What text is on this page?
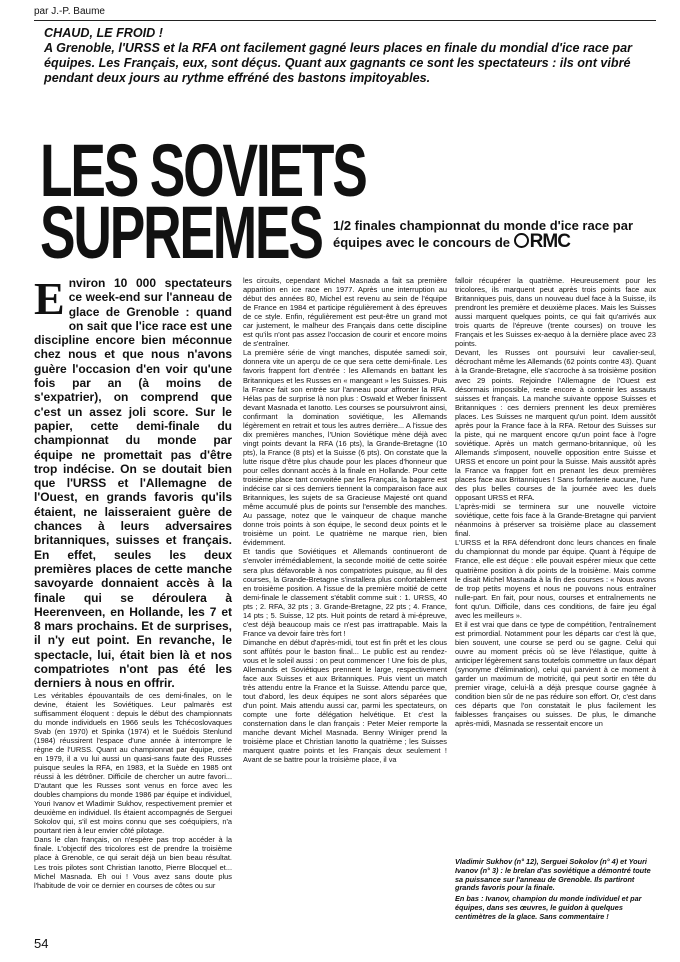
par J.-P. Baume
CHAUD, LE FROID !
A Grenoble, l'URSS et la RFA ont facilement gagné leurs places en finale du mondial d'ice race par équipes. Les Français, eux, sont déçus. Quant aux gagnants ce sont les spectateurs : ils ont vibré pendant deux jours au rythme effréné des bastons impitoyables.
LES SOVIETS
SUPREMES 1/2 finales championnat du monde d'ice race par équipes avec le concours de RMC

Environ 10 000 spectateurs ce week-end sur l'anneau de glace de Grenoble : quand on sait que l'ice race est une discipline encore bien méconnue chez nous et que nous n'avons guère l'occasion d'en voir qu'une fois par an (à moins de s'expatrier), on comprend que c'est un assez joli score. Sur le papier, cette demi-finale du championnat du monde par équipe ne promettait pas d'être trop indécise. On se doutait bien que l'URSS et l'Allemagne de l'Ouest, en grands favoris qu'ils étaient, ne laisseraient guère de chances à leurs adversaires britanniques, suisses et français. En effet, seules les deux premières places de cette manche savoyarde donnaient accès à la finale qui se déroulera à Heerenveen, en Hollande, les 7 et 8 mars prochains. Et de surprises, il n'y eut point. En revanche, le spectacle, lui, était bien là et nos compatriotes n'ont pas été les derniers à nous en offrir.

Les véritables épouvantails de ces demi-finales, on le devine, étaient les Soviétiques. Leur palmarès est suffisamment éloquent : depuis le début des championnats du monde individuels en 1966 seuls les Tchécoslovaques Svab (en 1970) et Spinka (1974) et le Suédois Stenlund (1984) réussirent l'espace d'une année à interrompre le règne de l'URSS. Quant au championnat par équipe, créé en 1979, il a vu lui aussi un quasi-sans faute des Russes puisque seules la RFA, en 1983, et la Suède en 1985 ont réussi à les détrôner. Difficile de chercher un autre favori... D'autant que les Russes sont venus en force avec les doubles champions du monde 1986 par équipe et individuel, Youri Ivanov et Wladimir Sukhov, respectivement premier et deuxième en individuel. Ils étaient accompagnés de Serguei Sokolov qui, s'il est moins connu que ses coéquipiers, n'a pourtant rien à leur envier côté pilotage.

Dans le clan français, on n'espère pas trop accéder à la finale. L'objectif des tricolores est de prendre la troisième place à Grenoble, ce qui serait déjà un bien beau résultat. Les trois pilotes sont Christian Ianotto, Pierre Blocquel et... Michel Masnada. Eh oui ! Vous avez sans doute plus l'habitude de voir ce dernier en courses de côtes ou sur

les circuits, cependant Michel Masnada a fait sa première apparition en ice race en 1977. Après une interruption au début des années 80, Michel est revenu au sein de l'équipe de France en 1984 et participe régulièrement à des épreuves de ce style. Enfin, régulièrement est peut-être un grand mot car justement, le malheur des Français dans cette discipline est qu'ils n'ont pas assez l'occasion de courir et encore moins de s'entraîner.

La première série de vingt manches, disputée samedi soir, donnera vite un aperçu de ce que sera cette demi-finale. Les favoris frappent fort d'entrée : les Allemands en battant les Britanniques et les Russes en « mangeant » les Suisses. Puis la France fait son entrée sur l'anneau pour affronter la RFA. Hélas pas de surprise là non plus : Oswald et Weber finissent devant Masnada et Ianotto. Les courses se poursuivront ainsi, confirmant la domination soviétique, les Allemands légèrement en retrait et tous les autres derrière... A l'issue des dix premières manches, l'Union Soviétique mène déjà avec vingt points devant la RFA (16 pts), la Grande-Bretagne (10 pts), la France (8 pts) et la Suisse (6 pts). On constate que la lutte risque d'être plus chaude pour les places d'honneur que pour celles donnant accès à la finale en Hollande. Pour cette troisième place tant convoitée par les Français, la bagarre est indécise car si ces derniers tiennent la comparaison face aux Britanniques, les sujets de sa Gracieuse Majesté ont quand même accumulé plus de points sur l'ensemble des manches. Au passage, notez que le vainqueur de chaque manche donne trois points à son équipe, le second deux points et le troisième un point. Le quatrième ne marque rien, bien évidemment.

Et tandis que Soviétiques et Allemands continueront de s'envoler irrémédiablement, la seconde moitié de cette soirée sera plus défavorable à nos compatriotes puisque, au fil des courses, la Grande-Bretagne s'installera plus confortablement en troisième position. A l'issue de la première moitié de cette demi-finale le classement s'établit comme suit : 1. URSS, 40 pts ; 2. RFA, 32 pts ; 3. Grande-Bretagne, 22 pts ; 4. France, 14 pts ; 5. Suisse, 12 pts. Huit points de retard à mi-épreuve, c'est déjà beaucoup mais ce n'est pas irrattrapable. Mais la France va devoir faire très fort !

Dimanche en début d'après-midi, tout est fin prêt et les clous sont affûtés pour le baston final... Le public est au rendez-vous et le soleil aussi : on peut commencer ! Une fois de plus, Allemands et Soviétiques prennent le large, respectivement face aux Suisses et aux Britanniques. Puis vient un match très attendu entre la France et la Suisse. Attendu parce que, tout d'abord, les deux équipes ne sont alors séparées que d'un point. Mais attendu aussi car, parmi les spectateurs, on compte une forte délégation helvétique. Et c'est la consternation dans le clan français : Peter Meier remporte la manche devant Michel Masnada. Benny Winiger prend la troisième place et Christian Ianotto la quatrième ; les Suisses marquent quatre points et les Français deux seulement ! Avant de se battre pour la troisième place, il va

falloir récupérer la quatrième. Heureusement pour les tricolores, ils marquent peut après trois points face aux Britanniques puis, dans un nouveau duel face à la Suisse, ils prendront les première et deuxième places. Mais les Suisses aussi marquent quelques points, ce qui fait qu'arrivés aux trois quarts de l'épreuve (trente courses) on trouve les Français et les Suisses ex-aequo à la dernière place avec 23 points.

Devant, les Russes ont poursuivi leur cavalier-seul, décrochant même les Allemands (62 points contre 43). Quant à la Grande-Bretagne, elle s'accroche à sa troisième position avec 29 points. Rejoindre l'Allemagne de l'Ouest est désormais impossible, reste encore à contenir les assauts suisses et français. La manche suivante oppose Suisses et Britanniques : ces derniers prennent les deux premières places. Les Suisses ne marquent qu'un point. Idem aussitôt après pour la France face à la RFA. Retour des Suisses sur la piste, qui ne marquent encore qu'un point face à l'ogre soviétique. Après un match germano-britannique, où les Allemands s'imposent, nouvelle opposition entre Suisse et URSS et encore un point pour la Suisse. Mais aussitôt après la France va frapper fort en prenant les deux premières places face aux Britanniques ! Sans forfanterie aucune, l'une des plus belles courses de la journée avec les duels opposant URSS et RFA.

L'après-midi se terminera sur une nouvelle victoire soviétique, cette fois face à la Grande-Bretagne qui parvient néanmoins à préserver sa troisième place au classement final.

L'URSS et la RFA défendront donc leurs chances en finale du championnat du monde par équipe. Quant à l'équipe de France, elle est déçue : elle pouvait espérer mieux que cette quatrième position à dix points de la troisième. Mais comme le disait Michel Masnada à la fin des courses : « Nous avons de trop petits moyens et nous ne pouvons nous entraîner nulle-part. En fait, pour nous, courses et entraînements ne font qu'un. Difficile, dans ces conditions, de faire jeu égal avec les meilleurs ».

Et il est vrai que dans ce type de compétition, l'entraînement est primordial. Notamment pour les départs car c'est là que, bien souvent, une course se perd ou se gagne. Celui qui ouvre au moment précis où se lève l'élastique, quitte à anticiper légèrement sans toutefois commettre un faux départ (synonyme d'élimination), celui qui parvient à ce moment à garder un maximum de motricité, qui peut sortir en tête du premier virage, celui-là a déjà presque course gagnée à condition bien sûr de ne pas réduire son effort. Or, c'est dans ces départs que l'on constatait le plus facilement les faiblesses françaises ou suisses. De plus, le dimanche après-midi, Masnada se ressentait encore un

Vladimir Sukhov (n° 12), Serguei Sokolov (n° 4) et Youri Ivanov (n° 3) : le brelan d'as soviétique a démontré toute sa puissance sur l'anneau de Grenoble. Ils partiront grands favoris pour la finale.

En bas : Ivanov, champion du monde individuel et par équipes, dans ses œuvres, le guidon à quelques centimètres de la glace. Sans commentaire !

54
